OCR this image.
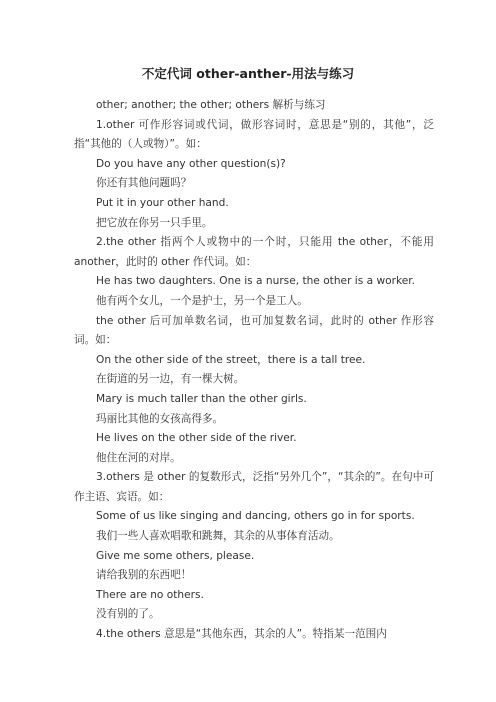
不定代词 other-anther-用法与练习

other; another; the other; others 解析与练习

1.other 可作形容词或代词，做形容词时，意思是“别的，其他”，泛指“其他的（人或物）”。如：

Do you have any other question(s)?

你还有其他问题吗？

Put it in your other hand.

把它放在你另一只手里。

2.the other 指两个人或物中的一个时，只能用 the other，不能用 another，此时的 other 作代词。如：

He has two daughters. One is a nurse, the other is a worker.

他有两个女儿，一个是护士，另一个是工人。

the other 后可加单数名词，也可加复数名词，此时的 other 作形容词。如：

On the other side of the street，there is a tall tree.

在街道的另一边，有一棵大树。

Mary is much taller than the other girls.

玛丽比其他的女孩高得多。

He lives on the other side of the river.

他住在河的对岸。

3.others 是 other 的复数形式，泛指“另外几个”，“其余的”。在句中可作主语、宾语。如：

Some of us like singing and dancing, others go in for sports.

我们一些人喜欢唱歌和跳舞，其余的从事体育活动。

Give me some others, please.

请给我别的东西吧！

There are no others.

没有别的了。

4.the others 意思是“其他东西，其余的人”。特指某一范围内
